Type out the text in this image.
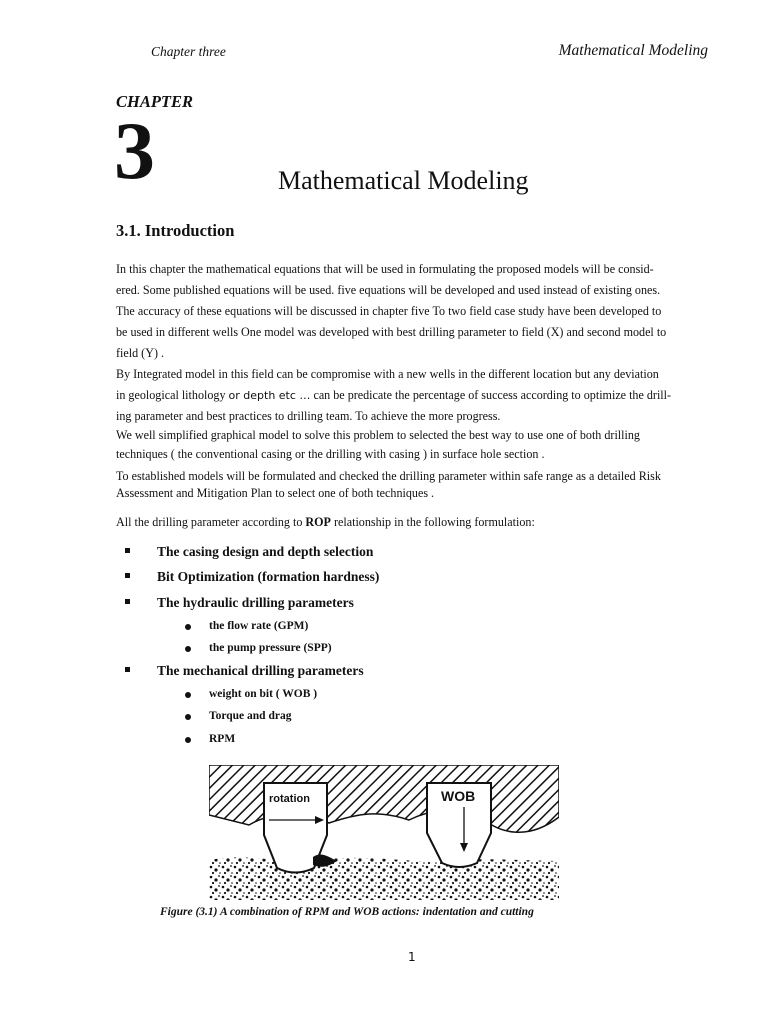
Chapter three	Mathematical Modeling
CHAPTER
3	Mathematical Modeling
3.1. Introduction
In this chapter the mathematical equations that will be used in formulating the proposed models will be consid-
ered. Some published equations will be used. five equations will be developed and used instead of existing ones.
The accuracy of these equations will be discussed in chapter five To two field case study have been developed to
be used in different wells One model was developed with best drilling parameter to field (X) and second model to
field (Y) .
By Integrated model in this field can be compromise with a new wells in the different location but any deviation
in geological lithology or depth etc … can be predicate the percentage of success according to optimize the drill-
ing parameter and best practices to drilling team. To achieve the more progress.
We well simplified graphical model to solve this problem to selected the best way to use one of both drilling
techniques ( the conventional casing or the drilling with casing ) in surface hole section .
To established models will be formulated and checked the drilling parameter within safe range as a detailed Risk
Assessment and Mitigation Plan to select one of both techniques .
All the drilling parameter according to ROP relationship in the following formulation:
The casing design and depth selection
Bit Optimization (formation hardness)
The hydraulic drilling parameters
the flow rate (GPM)
the pump pressure (SPP)
The mechanical drilling parameters
weight on bit ( WOB )
Torque and drag
RPM
rotation	WOB
Figure (3.1) A combination of RPM and WOB actions: indentation and cutting
1
